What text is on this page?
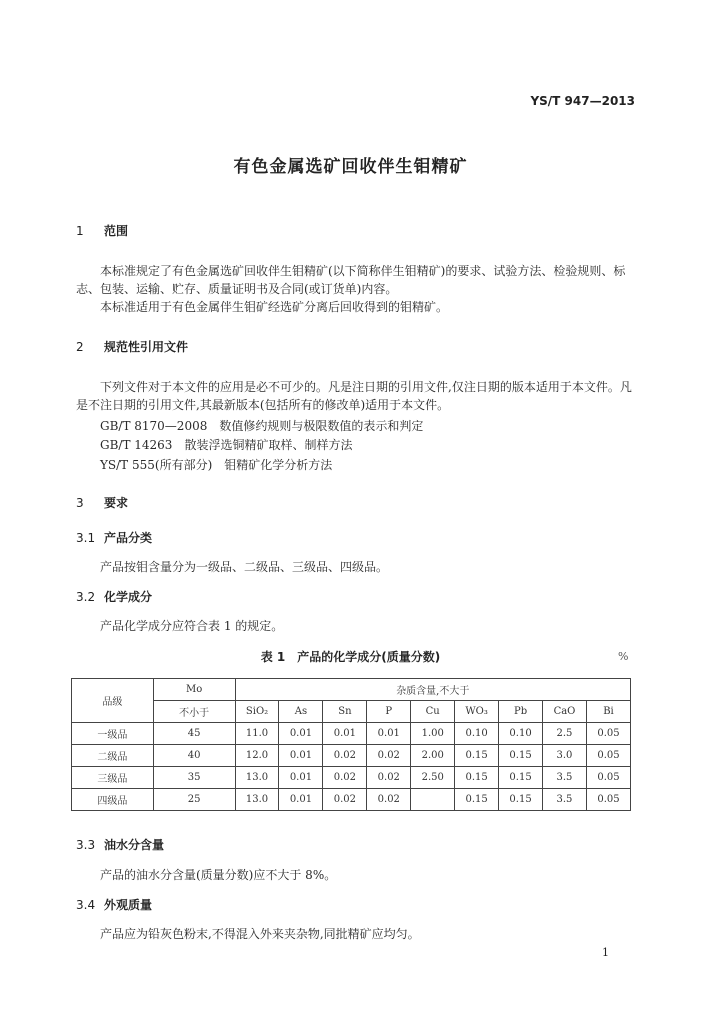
YS/T 947—2013
有色金属选矿回收伴生钼精矿
1 范围
本标准规定了有色金属选矿回收伴生钼精矿(以下简称伴生钼精矿)的要求、试验方法、检验规则、标志、包装、运输、贮存、质量证明书及合同(或订货单)内容。
本标准适用于有色金属伴生钼矿经选矿分离后回收得到的钼精矿。
2 规范性引用文件
下列文件对于本文件的应用是必不可少的。凡是注日期的引用文件,仅注日期的版本适用于本文件。凡是不注日期的引用文件,其最新版本(包括所有的修改单)适用于本文件。
GB/T 8170—2008　数值修约规则与极限数值的表示和判定
GB/T 14263　散装浮选铜精矿取样、制样方法
YS/T 555(所有部分)　钼精矿化学分析方法
3 要求
3.1 产品分类
产品按钼含量分为一级品、二级品、三级品、四级品。
3.2 化学成分
产品化学成分应符合表 1 的规定。
表 1　产品的化学成分(质量分数)	%
品级	Mo	杂质含量,不大于								
	不小于	SiO₂	As	Sn	P	Cu	WO₃	Pb	CaO	Bi
一级品	45	11.0	0.01	0.01	0.01	1.00	0.10	0.10	2.5	0.05
二级品	40	12.0	0.01	0.02	0.02	2.00	0.15	0.15	3.0	0.05
三级品	35	13.0	0.01	0.02	0.02	2.50	0.15	0.15	3.5	0.05
四级品	25	13.0	0.01	0.02	0.02		0.15	0.15	3.5	0.05
3.3 油水分含量
产品的油水分含量(质量分数)应不大于 8%。
3.4 外观质量
产品应为铅灰色粉末,不得混入外来夹杂物,同批精矿应均匀。
1
